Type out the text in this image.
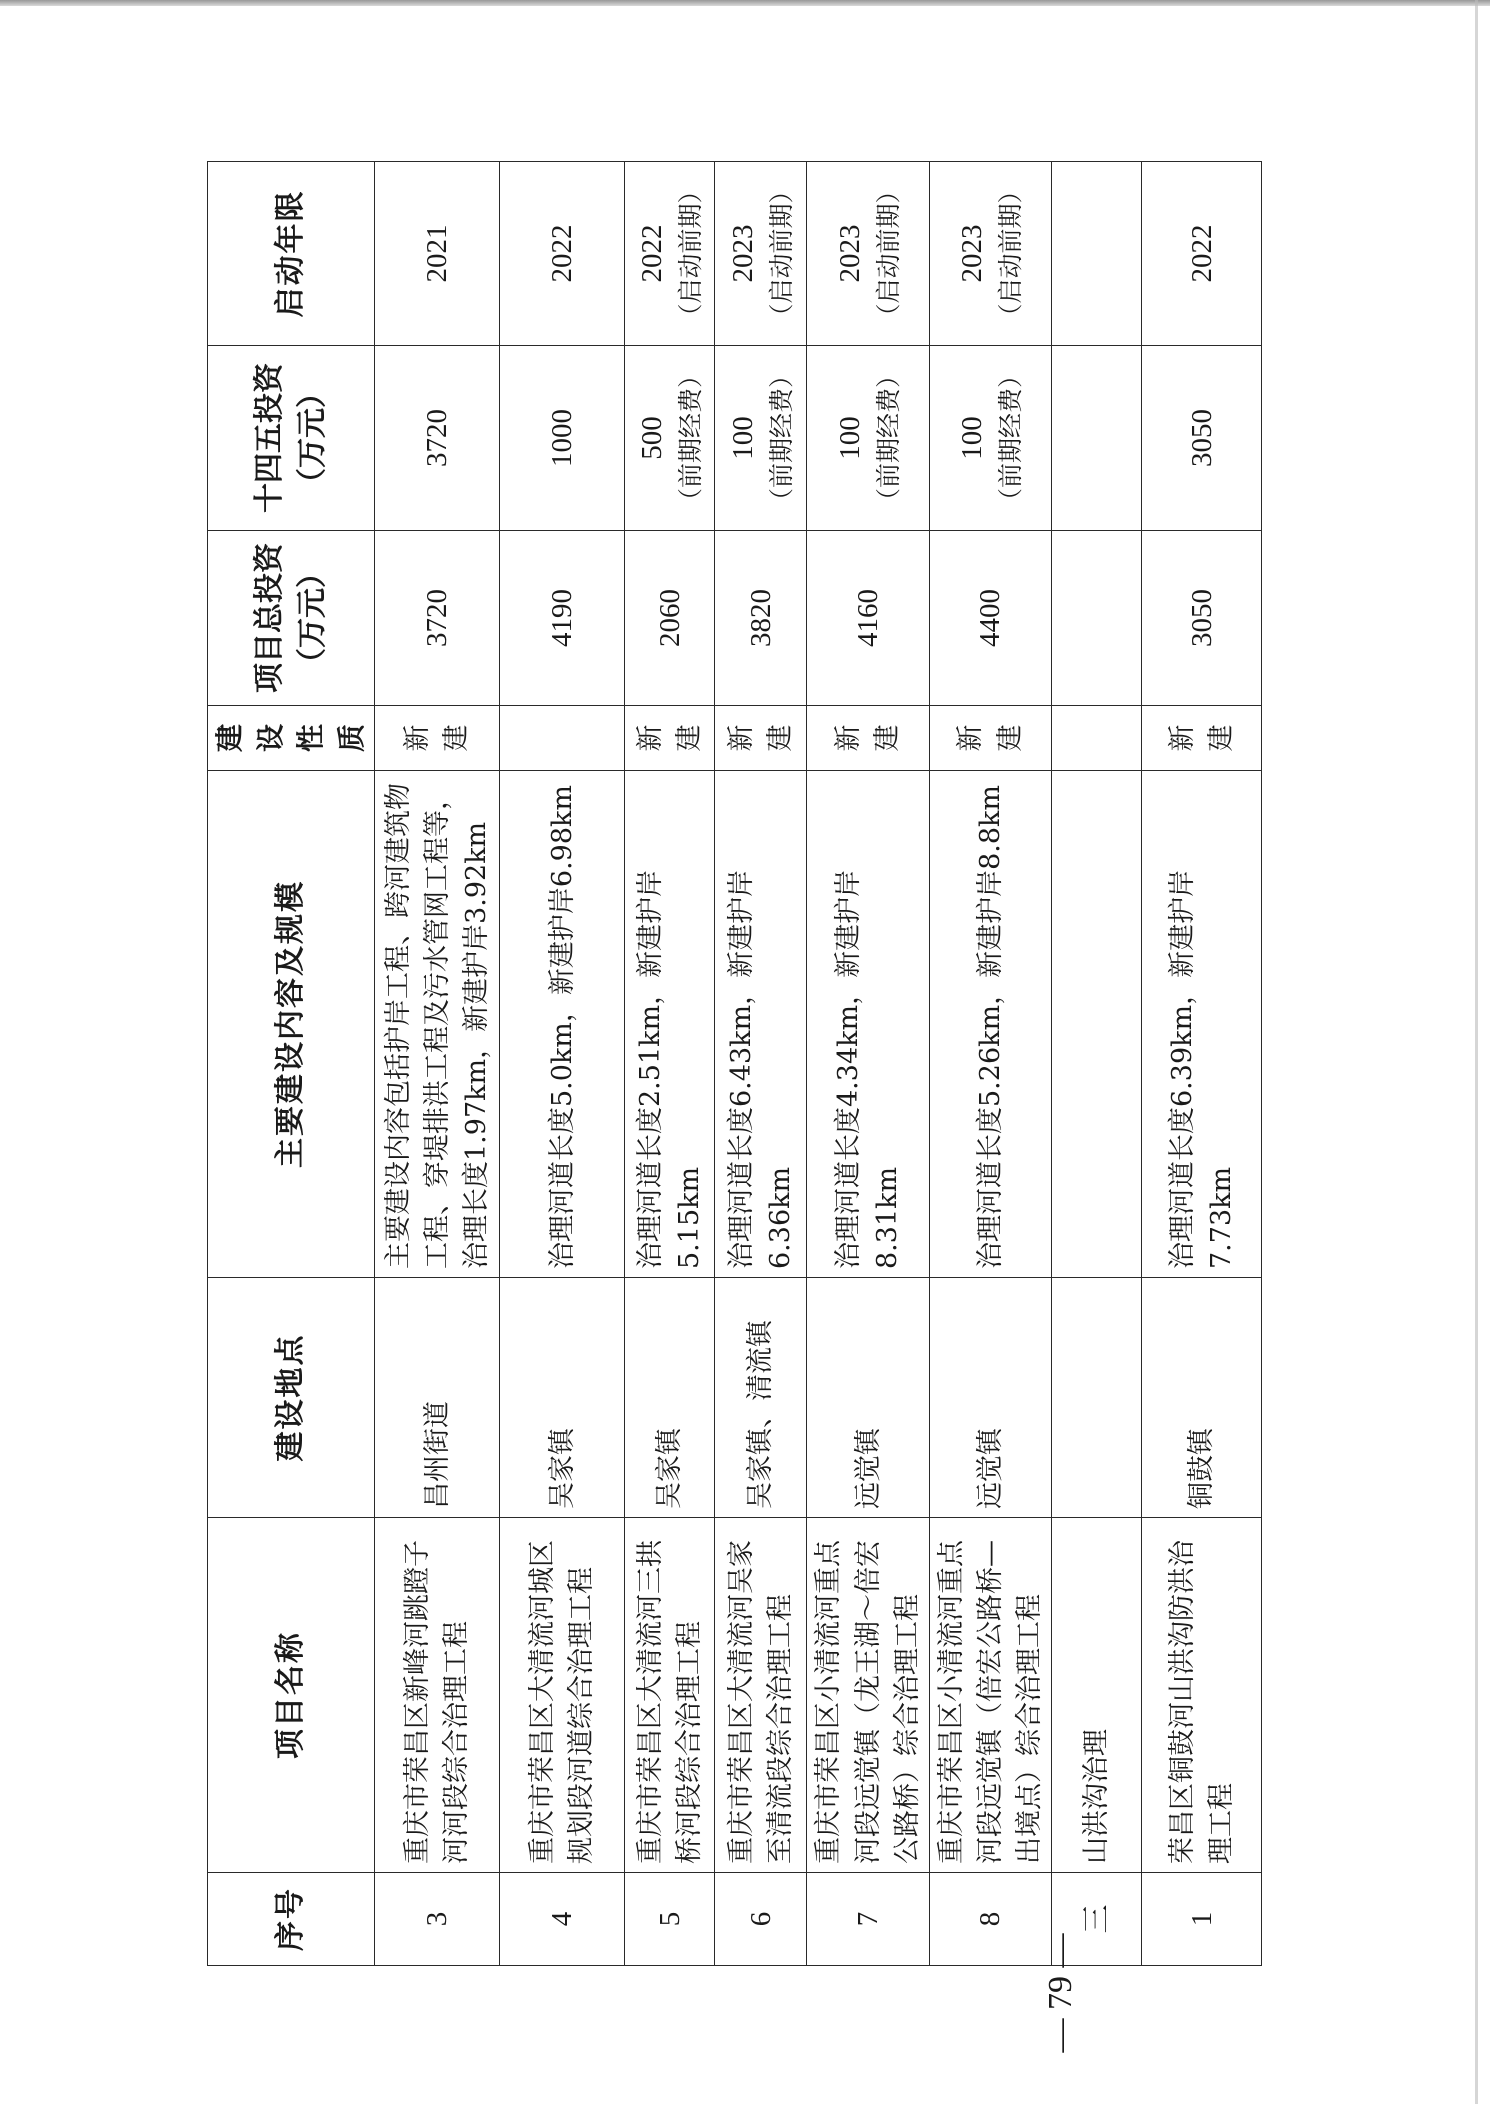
序号	项目名称	建设地点	主要建设内容及规模	建设性质	项目总投资（万元）	十四五投资（万元）	启动年限

3	重庆市荣昌区新峰河跳蹬子河河段综合治理工程	昌州街道	主要建设内容包括护岸工程、跨河建筑物工程、穿堤排洪工程及污水管网工程等，治理长度1.97km，新建护岸3.92km	新建	3720	3720	2021

4	重庆市荣昌区大清流河城区规划段河道综合治理工程	吴家镇	治理河道长度5.0km，新建护岸6.98km		4190	1000	2022

5	重庆市荣昌区大清流河三拱桥河段综合治理工程	吴家镇	治理河道长度2.51km，新建护岸5.15km	新建	2060	500 （前期经费）	2022 （启动前期）

6	重庆市荣昌区大清流河吴家至清流段综合治理工程	吴家镇、清流镇	治理河道长度6.43km，新建护岸6.36km	新建	3820	100 （前期经费）	2023 （启动前期）

7	重庆市荣昌区小清流河重点河段远觉镇（龙王湖～倍宏公路桥）综合治理工程	远觉镇	治理河道长度4.34km，新建护岸8.31km	新建	4160	100 （前期经费）	2023 （启动前期）

8	重庆市荣昌区小清流河重点河段远觉镇（倍宏公路桥—出境点）综合治理工程	远觉镇	治理河道长度5.26km，新建护岸8.8km	新建	4400	100 （前期经费）	2023 （启动前期）

三	山洪沟治理						

1	荣昌区铜鼓河山洪沟防洪治理工程	铜鼓镇	治理河道长度6.39km，新建护岸7.73km	新建	3050	3050	2022
— 79 —
